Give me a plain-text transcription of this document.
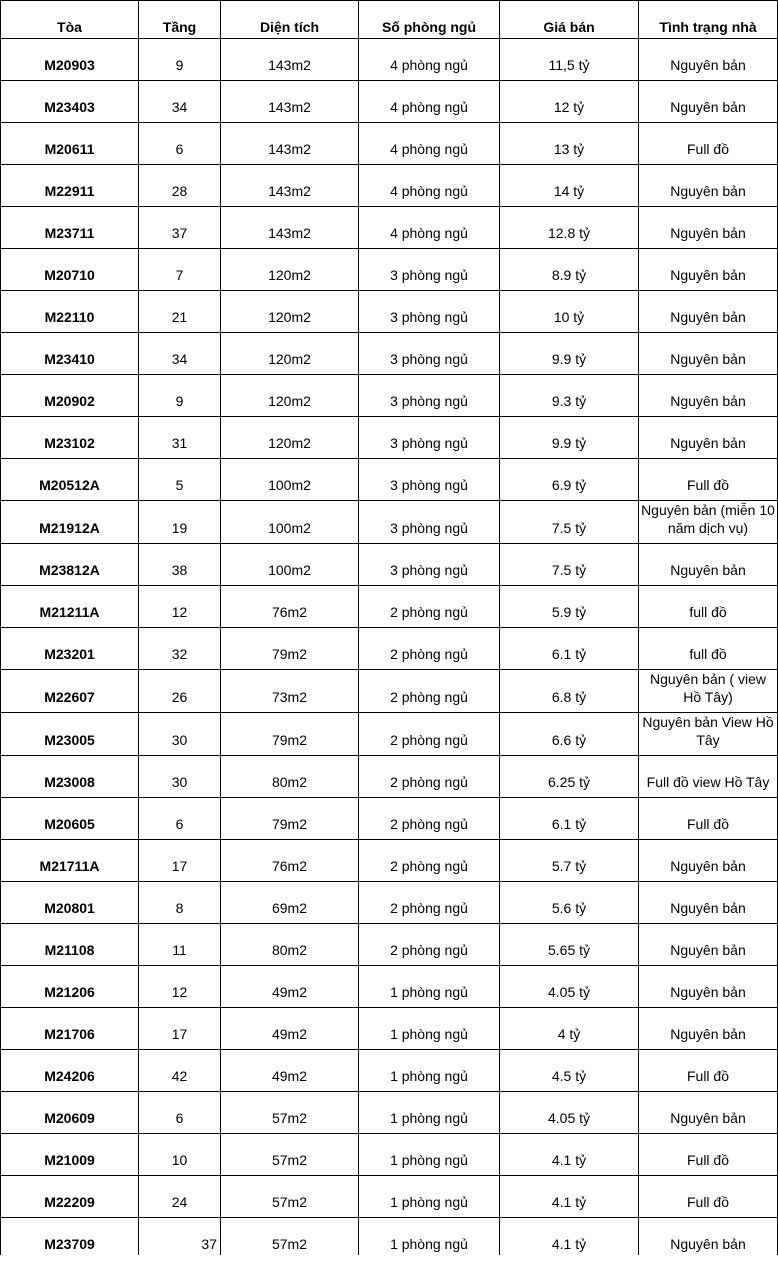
Tòa	Tầng	Diện tích	Số phòng ngủ	Giá bán	Tình trạng nhà
M20903	9	143m2	4 phòng ngủ	11,5 tỷ	Nguyên bản
M23403	34	143m2	4 phòng ngủ	12 tỷ	Nguyên bản
M20611	6	143m2	4 phòng ngủ	13 tỷ	Full đồ
M22911	28	143m2	4 phòng ngủ	14 tỷ	Nguyên bản
M23711	37	143m2	4 phòng ngủ	12.8 tỷ	Nguyên bản
M20710	7	120m2	3 phòng ngủ	8.9 tỷ	Nguyên bản
M22110	21	120m2	3 phòng ngủ	10 tỷ	Nguyên bản
M23410	34	120m2	3 phòng ngủ	9.9 tỷ	Nguyên bản
M20902	9	120m2	3 phòng ngủ	9.3 tỷ	Nguyên bản
M23102	31	120m2	3 phòng ngủ	9.9 tỷ	Nguyên bản
M20512A	5	100m2	3 phòng ngủ	6.9 tỷ	Full đồ
M21912A	19	100m2	3 phòng ngủ	7.5 tỷ	Nguyên bản (miễn 10 năm dịch vụ)
M23812A	38	100m2	3 phòng ngủ	7.5 tỷ	Nguyên bản
M21211A	12	76m2	2 phòng ngủ	5.9 tỷ	full đồ
M23201	32	79m2	2 phòng ngủ	6.1 tỷ	full đồ
M22607	26	73m2	2 phòng ngủ	6.8 tỷ	Nguyên bản ( view Hồ Tây)
M23005	30	79m2	2 phòng ngủ	6.6 tỷ	Nguyên bản View Hồ Tây
M23008	30	80m2	2 phòng ngủ	6.25 tỷ	Full đồ view Hồ Tây
M20605	6	79m2	2 phòng ngủ	6.1 tỷ	Full đồ
M21711A	17	76m2	2 phòng ngủ	5.7 tỷ	Nguyên bản
M20801	8	69m2	2 phòng ngủ	5.6 tỷ	Nguyên bản
M21108	11	80m2	2 phòng ngủ	5.65 tỷ	Nguyên bản
M21206	12	49m2	1 phòng ngủ	4.05 tỷ	Nguyên bản
M21706	17	49m2	1 phòng ngủ	4 tỷ	Nguyên bản
M24206	42	49m2	1 phòng ngủ	4.5 tỷ	Full đồ
M20609	6	57m2	1 phòng ngủ	4.05 tỷ	Nguyên bản
M21009	10	57m2	1 phòng ngủ	4.1 tỷ	Full đồ
M22209	24	57m2	1 phòng ngủ	4.1 tỷ	Full đồ
M23709	37	57m2	1 phòng ngủ	4.1 tỷ	Nguyên bản
